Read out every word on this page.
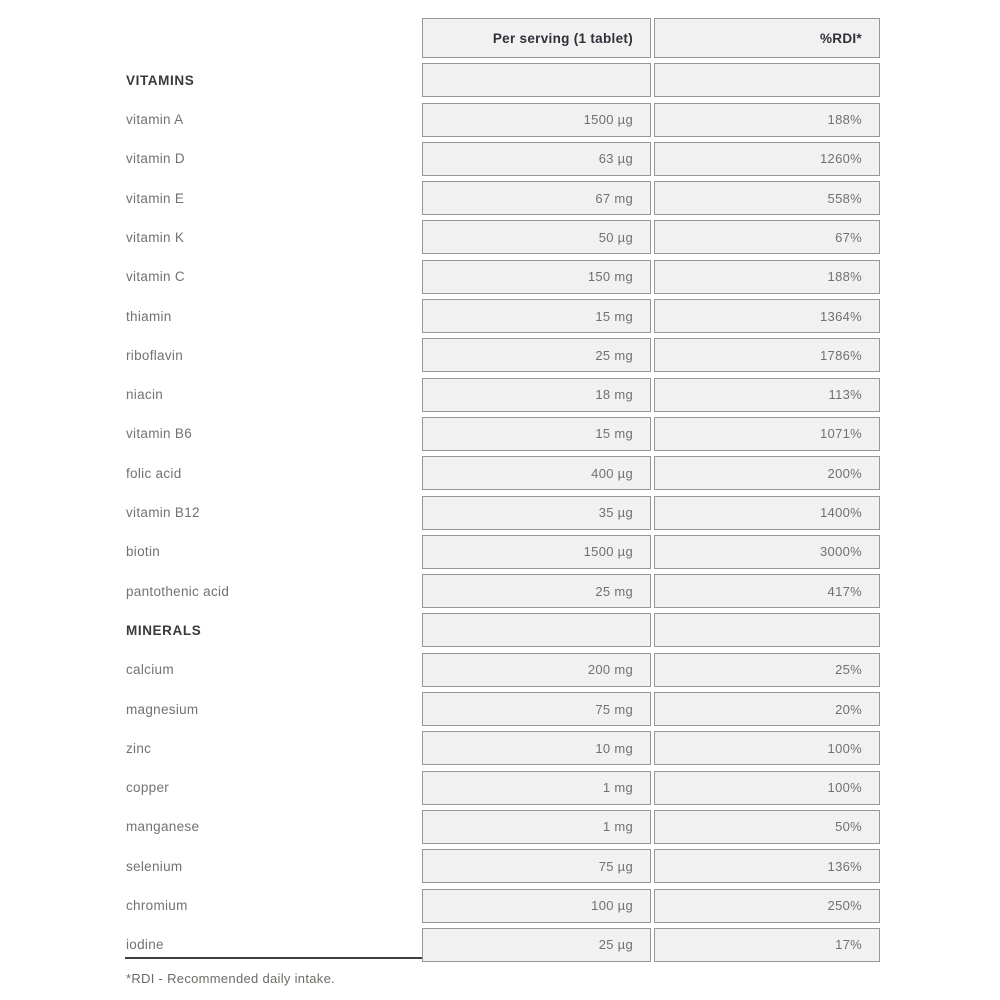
Per serving (1 tablet)	%RDI*
VITAMINS
vitamin A	1500 µg	188%
vitamin D	63 µg	1260%
vitamin E	67 mg	558%
vitamin K	50 µg	67%
vitamin C	150 mg	188%
thiamin	15 mg	1364%
riboflavin	25 mg	1786%
niacin	18 mg	113%
vitamin B6	15 mg	1071%
folic acid	400 µg	200%
vitamin B12	35 µg	1400%
biotin	1500 µg	3000%
pantothenic acid	25 mg	417%
MINERALS
calcium	200 mg	25%
magnesium	75 mg	20%
zinc	10 mg	100%
copper	1 mg	100%
manganese	1 mg	50%
selenium	75 µg	136%
chromium	100 µg	250%
iodine	25 µg	17%
*RDI - Recommended daily intake.
